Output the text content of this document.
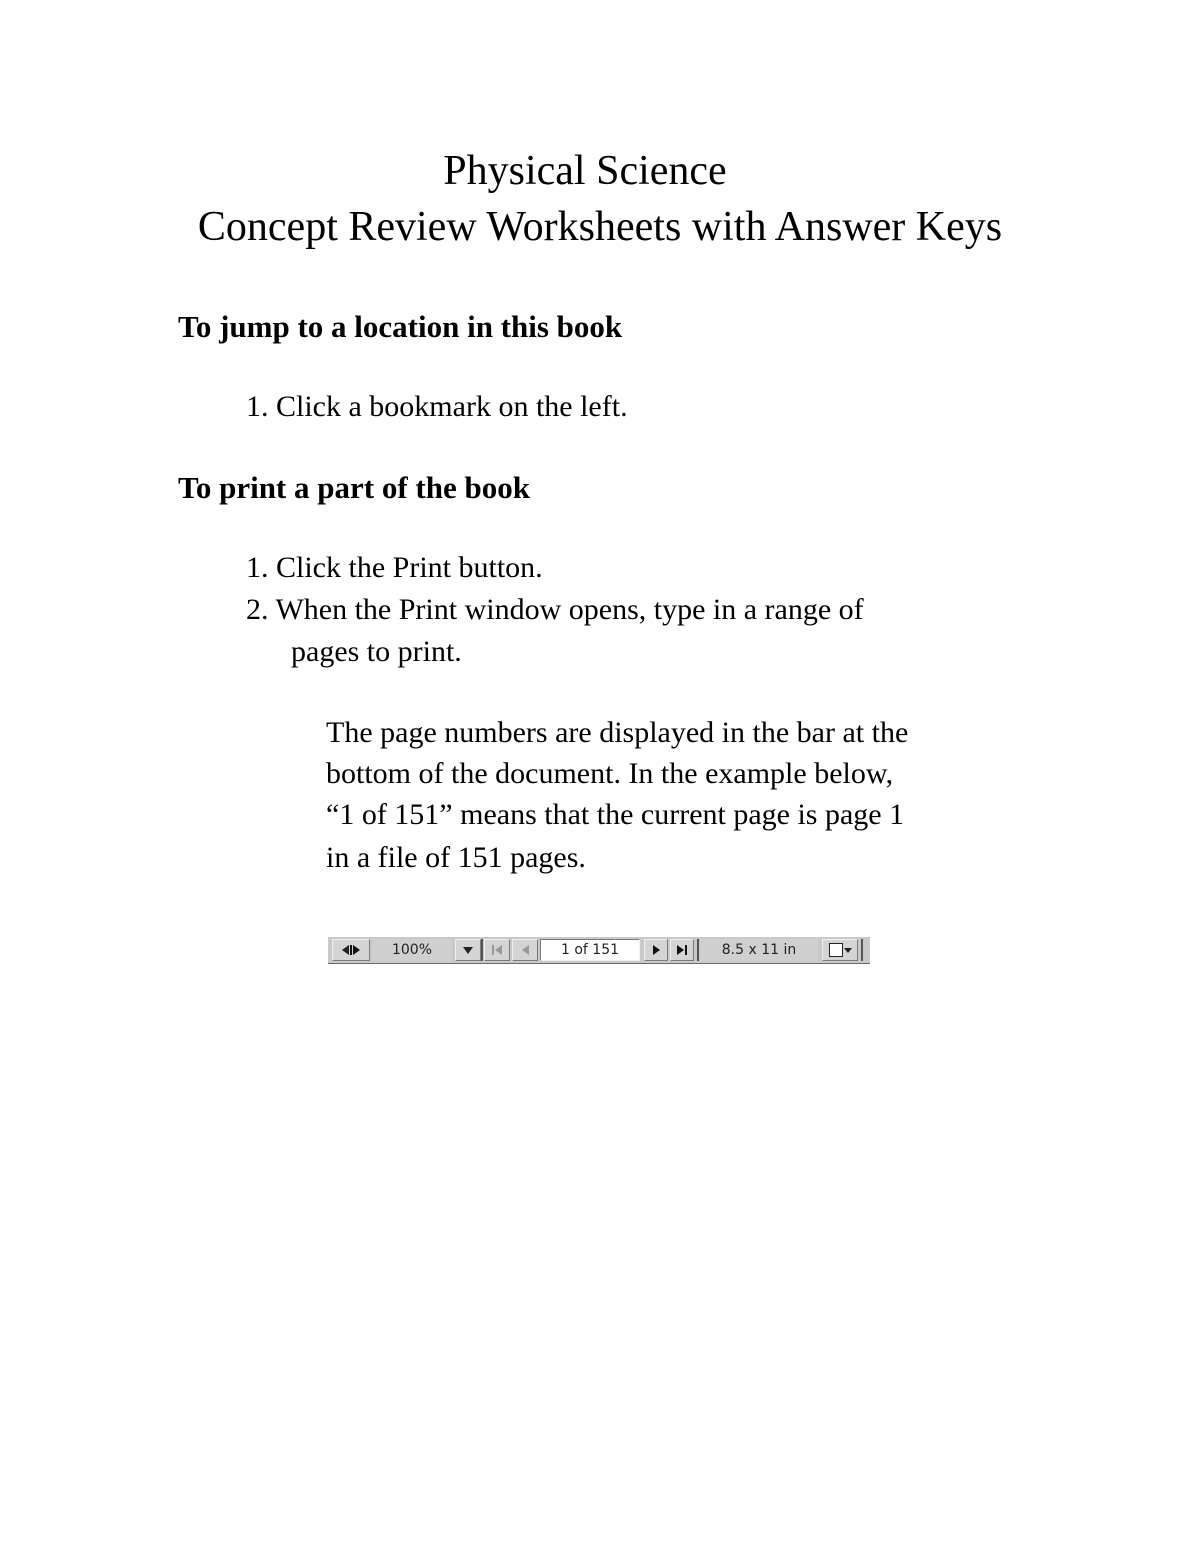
Physical Science
Concept Review Worksheets with Answer Keys
To jump to a location in this book

1. Click a bookmark on the left.

To print a part of the book

1. Click the Print button.

2. When the Print window opens, type in a range of

pages to print.

The page numbers are displayed in the bar at the

bottom of the document. In the example below,

“1 of 151” means that the current page is page 1

in a file of 151 pages.

100%	1 of 151	8.5 x 11 in
